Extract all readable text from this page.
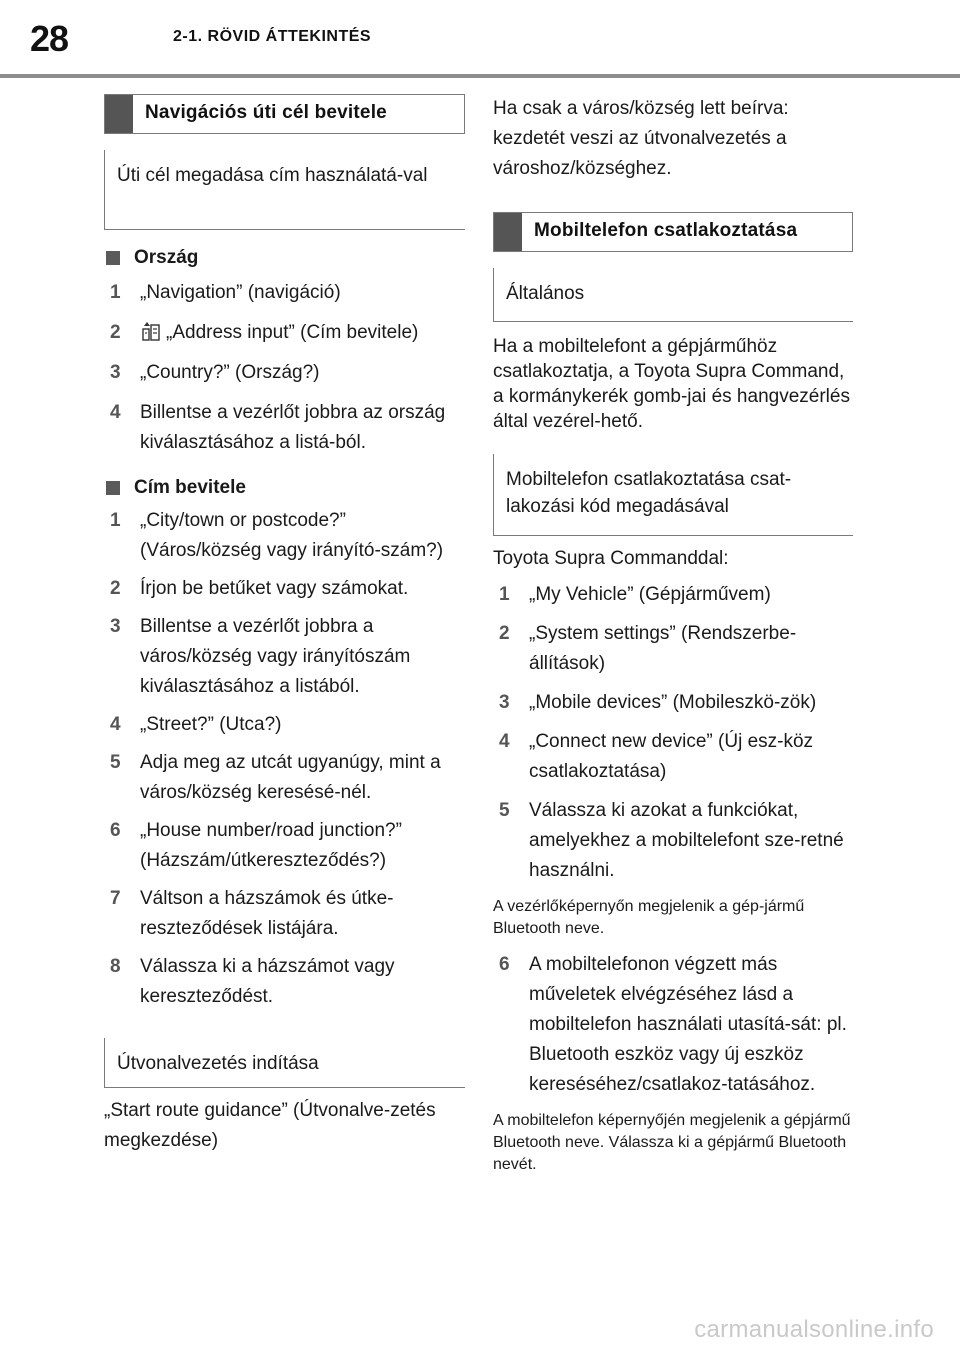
28	2-1. RÖVID ÁTTEKINTÉS
Navigációs úti cél bevitele
Úti cél megadása cím használatá-val
Ország
1	„Navigation” (navigáció)
2	„Address input” (Cím bevitele)
3	„Country?” (Ország?)
4	Billentse a vezérlőt jobbra az ország kiválasztásához a listá-ból.
Cím bevitele
1	„City/town or postcode?” (Város/község vagy irányító-szám?)
2	Írjon be betűket vagy számokat.
3	Billentse a vezérlőt jobbra a város/község vagy irányítószám kiválasztásához a listából.
4	„Street?” (Utca?)
5	Adja meg az utcát ugyanúgy, mint a város/község keresésé-nél.
6	„House number/road junction?” (Házszám/útkereszteződés?)
7	Váltson a házszámok és útke-reszteződések listájára.
8	Válassza ki a házszámot vagy kereszteződést.
Útvonalvezetés indítása
„Start route guidance” (Útvonalve-zetés megkezdése)
Ha csak a város/község lett beírva: kezdetét veszi az útvonalvezetés a városhoz/községhez.
Mobiltelefon csatlakoztatása
Általános
Ha a mobiltelefont a gépjárműhöz csatlakoztatja, a Toyota Supra Command, a kormánykerék gomb-jai és hangvezérlés által vezérel-hető.
Mobiltelefon csatlakoztatása csat-lakozási kód megadásával
Toyota Supra Commanddal:
1	„My Vehicle” (Gépjárművem)
2	„System settings” (Rendszerbe-állítások)
3	„Mobile devices” (Mobileszkö-zök)
4	„Connect new device” (Új esz-köz csatlakoztatása)
5	Válassza ki azokat a funkciókat, amelyekhez a mobiltelefont sze-retné használni.
A vezérlőképernyőn megjelenik a gép-jármű Bluetooth neve.
6	A mobiltelefonon végzett más műveletek elvégzéséhez lásd a mobiltelefon használati utasítá-sát: pl. Bluetooth eszköz vagy új eszköz kereséséhez/csatlakoz-tatásához.
A mobiltelefon képernyőjén megjelenik a gépjármű Bluetooth neve. Válassza ki a gépjármű Bluetooth nevét.
carmanualsonline.info
